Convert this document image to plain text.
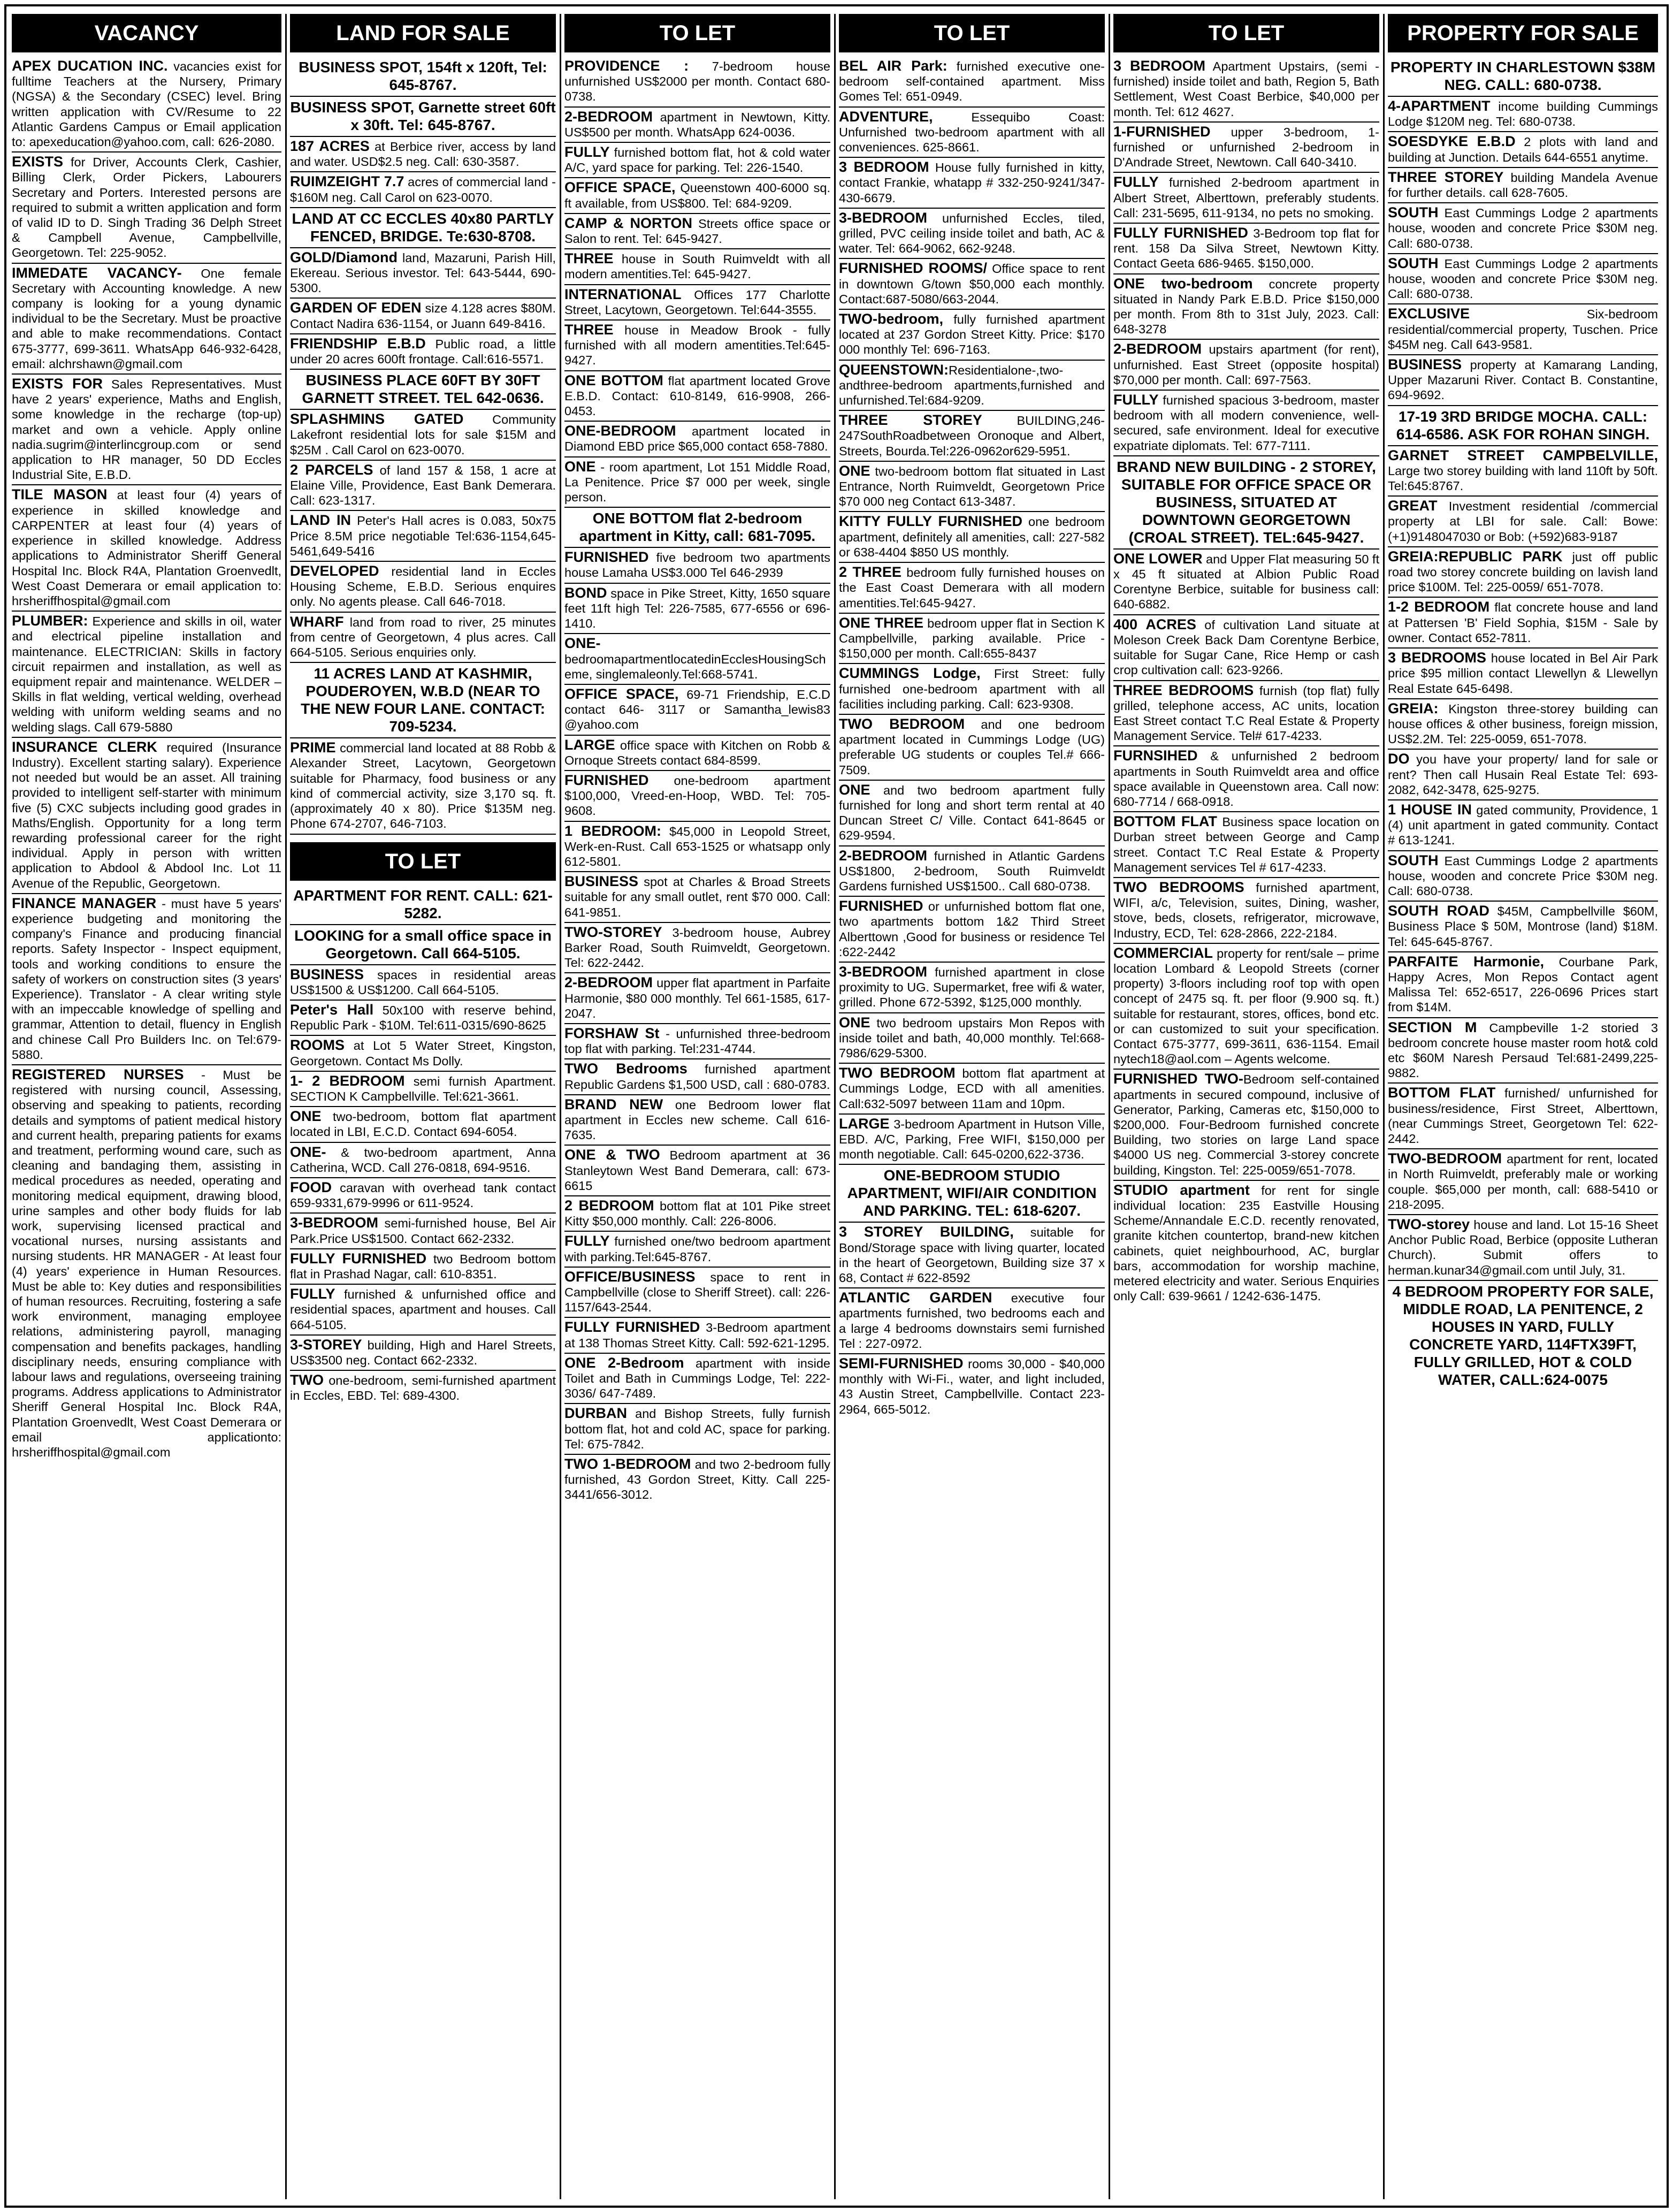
VACANCY
APEX DUCATION INC. vacancies exist for fulltime Teachers at the Nursery, Primary (NGSA) & the Secondary (CSEC) level. Bring written application with CV/Resume to 22 Atlantic Gardens Campus or Email application to: apexeducation@yahoo.com, call: 626-2080.
EXISTS for Driver, Accounts Clerk, Cashier, Billing Clerk, Order Pickers, Labourers Secretary and Porters. Interested persons are required to submit a written application and form of valid ID to D. Singh Trading 36 Delph Street & Campbell Avenue, Campbellville, Georgetown. Tel: 225-9052.
IMMEDATE VACANCY- One female Secretary with Accounting knowledge. A new company is looking for a young dynamic individual to be the Secretary. Must be proactive and able to make recommendations. Contact 675-3777, 699-3611. WhatsApp 646-932-6428, email: alchrshawn@gmail.com
EXISTS FOR Sales Representatives. Must have 2 years' experience, Maths and English, some knowledge in the recharge (top-up) market and own a vehicle. Apply online nadia.sugrim@interlincgroup.com or send application to HR manager, 50 DD Eccles Industrial Site, E.B.D.
TILE MASON at least four (4) years of experience in skilled knowledge and CARPENTER at least four (4) years of experience in skilled knowledge. Address applications to Administrator Sheriff General Hospital Inc. Block R4A, Plantation Groenvedlt, West Coast Demerara or email application to: hrsheriffhospital@gmail.com
PLUMBER: Experience and skills in oil, water and electrical pipeline installation and maintenance. ELECTRICIAN: Skills in factory circuit repairmen and installation, as well as equipment repair and maintenance. WELDER – Skills in flat welding, vertical welding, overhead welding with uniform welding seams and no welding slags. Call 679-5880
INSURANCE CLERK required (Insurance Industry). Excellent starting salary). Experience not needed but would be an asset. All training provided to intelligent self-starter with minimum five (5) CXC subjects including good grades in Maths/English. Opportunity for a long term rewarding professional career for the right individual. Apply in person with written application to Abdool & Abdool Inc. Lot 11 Avenue of the Republic, Georgetown.
FINANCE MANAGER - must have 5 years' experience budgeting and monitoring the company's Finance and producing financial reports. Safety Inspector - Inspect equipment, tools and working conditions to ensure the safety of workers on construction sites (3 years' Experience). Translator - A clear writing style with an impeccable knowledge of spelling and grammar, Attention to detail, fluency in English and chinese Call Pro Builders Inc. on Tel:679-5880.
REGISTERED NURSES - Must be registered with nursing council, Assessing, observing and speaking to patients, recording details and symptoms of patient medical history and current health, preparing patients for exams and treatment, performing wound care, such as cleaning and bandaging them, assisting in medical procedures as needed, operating and monitoring medical equipment, drawing blood, urine samples and other body fluids for lab work, supervising licensed practical and vocational nurses, nursing assistants and nursing students. HR MANAGER - At least four (4) years' experience in Human Resources. Must be able to: Key duties and responsibilities of human resources. Recruiting, fostering a safe work environment, managing employee relations, administering payroll, managing compensation and benefits packages, handling disciplinary needs, ensuring compliance with labour laws and regulations, overseeing training programs. Address applications to Administrator Sheriff General Hospital Inc. Block R4A, Plantation Groenvedlt, West Coast Demerara or email applicationto: hrsheriffhospital@gmail.com
LAND FOR SALE
BUSINESS SPOT, 154ft x 120ft, Tel: 645-8767.
BUSINESS SPOT, Garnette street 60ft x 30ft. Tel: 645-8767.
187 ACRES at Berbice river, access by land and water. USD$2.5 neg. Call: 630-3587.
RUIMZEIGHT 7.7 acres of commercial land - $160M neg. Call Carol on 623-0070.
LAND AT CC ECCLES 40x80 PARTLY FENCED, BRIDGE. Te:630-8708.
GOLD/Diamond land, Mazaruni, Parish Hill, Ekereau. Serious investor. Tel: 643-5444, 690-5300.
GARDEN OF EDEN size 4.128 acres $80M. Contact Nadira 636-1154, or Juann 649-8416.
FRIENDSHIP E.B.D Public road, a little under 20 acres 600ft frontage. Call:616-5571.
BUSINESS PLACE 60FT BY 30FT GARNETT STREET. TEL 642-0636.
SPLASHMINS GATED Community Lakefront residential lots for sale $15M and $25M . Call Carol on 623-0070.
2 PARCELS of land 157 & 158, 1 acre at Elaine Ville, Providence, East Bank Demerara. Call: 623-1317.
LAND IN Peter's Hall acres is 0.083, 50x75 Price 8.5M price negotiable Tel:636-1154,645-5461,649-5416
DEVELOPED residential land in Eccles Housing Scheme, E.B.D. Serious enquires only. No agents please. Call 646-7018.
WHARF land from road to river, 25 minutes from centre of Georgetown, 4 plus acres. Call 664-5105. Serious enquiries only.
11 ACRES LAND AT KASHMIR, POUDEROYEN, W.B.D (NEAR TO THE NEW FOUR LANE. CONTACT: 709-5234.
PRIME commercial land located at 88 Robb & Alexander Street, Lacytown, Georgetown suitable for Pharmacy, food business or any kind of commercial activity, size 3,170 sq. ft. (approximately 40 x 80). Price $135M neg. Phone 674-2707, 646-7103.
TO LET
APARTMENT FOR RENT. CALL: 621-5282.
LOOKING for a small office space in Georgetown. Call 664-5105.
BUSINESS spaces in residential areas US$1500 & US$1200. Call 664-5105.
Peter's Hall 50x100 with reserve behind, Republic Park - $10M. Tel:611-0315/690-8625
ROOMS at Lot 5 Water Street, Kingston, Georgetown. Contact Ms Dolly.
1- 2 BEDROOM semi furnish Apartment. SECTION K Campbellville. Tel:621-3661.
ONE two-bedroom, bottom flat apartment located in LBI, E.C.D. Contact 694-6054.
ONE- & two-bedroom apartment, Anna Catherina, WCD. Call 276-0818, 694-9516.
FOOD caravan with overhead tank contact 659-9331,679-9996 or 611-9524.
3-BEDROOM semi-furnished house, Bel Air Park.Price US$1500. Contact 662-2332.
FULLY FURNISHED two Bedroom bottom flat in Prashad Nagar, call: 610-8351.
FULLY furnished & unfurnished office and residential spaces, apartment and houses. Call 664-5105.
3-STOREY building, High and Harel Streets, US$3500 neg. Contact 662-2332.
TWO one-bedroom, semi-furnished apartment in Eccles, EBD. Tel: 689-4300.
TO LET
PROVIDENCE : 7-bedroom house unfurnished US$2000 per month. Contact 680-0738.
2-BEDROOM apartment in Newtown, Kitty. US$500 per month. WhatsApp 624-0036.
FULLY furnished bottom flat, hot & cold water A/C, yard space for parking. Tel: 226-1540.
OFFICE SPACE, Queenstown 400-6000 sq. ft available, from US$800. Tel: 684-9209.
CAMP & NORTON Streets office space or Salon to rent. Tel: 645-9427.
THREE house in South Ruimveldt with all modern amentities.Tel: 645-9427.
INTERNATIONAL Offices 177 Charlotte Street, Lacytown, Georgetown. Tel:644-3555.
THREE house in Meadow Brook - fully furnished with all modern amentities.Tel:645-9427.
ONE BOTTOM flat apartment located Grove E.B.D. Contact: 610-8149, 616-9908, 266-0453.
ONE-BEDROOM apartment located in Diamond EBD price $65,000 contact 658-7880.
ONE - room apartment, Lot 151 Middle Road, La Penitence. Price $7 000 per week, single person.
ONE BOTTOM flat 2-bedroom apartment in Kitty, call: 681-7095.
FURNISHED five bedroom two apartments house Lamaha US$3.000 Tel 646-2939
BOND space in Pike Street, Kitty, 1650 square feet 11ft high Tel: 226-7585, 677-6556 or 696-1410.
ONE-bedroomapartmentlocatedinEcclesHousingScheme, singlemaleonly.Tel:668-5741.
OFFICE SPACE, 69-71 Friendship, E.C.D contact 646- 3117 or Samantha_lewis83 @yahoo.com
LARGE office space with Kitchen on Robb & Ornoque Streets contact 684-8599.
FURNISHED one-bedroom apartment $100,000, Vreed-en-Hoop, WBD. Tel: 705-9608.
1 BEDROOM: $45,000 in Leopold Street, Werk-en-Rust. Call 653-1525 or whatsapp only 612-5801.
BUSINESS spot at Charles & Broad Streets suitable for any small outlet, rent $70 000. Call: 641-9851.
TWO-STOREY 3-bedroom house, Aubrey Barker Road, South Ruimveldt, Georgetown. Tel: 622-2442.
2-BEDROOM upper flat apartment in Parfaite Harmonie, $80 000 monthly. Tel 661-1585, 617-2047.
FORSHAW St - unfurnished three-bedroom top flat with parking. Tel:231-4744.
TWO Bedrooms furnished apartment Republic Gardens $1,500 USD, call : 680-0783.
BRAND NEW one Bedroom lower flat apartment in Eccles new scheme. Call 616-7635.
ONE & TWO Bedroom apartment at 36 Stanleytown West Band Demerara, call: 673-6615
2 BEDROOM bottom flat at 101 Pike street Kitty $50,000 monthly. Call: 226-8006.
FULLY furnished one/two bedroom apartment with parking.Tel:645-8767.
OFFICE/BUSINESS space to rent in Campbellville (close to Sheriff Street). call: 226-1157/643-2544.
FULLY FURNISHED 3-Bedroom apartment at 138 Thomas Street Kitty. Call: 592-621-1295.
ONE 2-Bedroom apartment with inside Toilet and Bath in Cummings Lodge, Tel: 222-3036/ 647-7489.
DURBAN and Bishop Streets, fully furnish bottom flat, hot and cold AC, space for parking. Tel: 675-7842.
TWO 1-BEDROOM and two 2-bedroom fully furnished, 43 Gordon Street, Kitty. Call 225- 3441/656-3012.
TO LET
BEL AIR Park: furnished executive one-bedroom self-contained apartment. Miss Gomes Tel: 651-0949.
ADVENTURE, Essequibo Coast: Unfurnished two-bedroom apartment with all conveniences. 625-8661.
3 BEDROOM House fully furnished in kitty, contact Frankie, whatapp # 332-250-9241/347-430-6679.
3-BEDROOM unfurnished Eccles, tiled, grilled, PVC ceiling inside toilet and bath, AC & water. Tel: 664-9062, 662-9248.
FURNISHED ROOMS/ Office space to rent in downtown G/town $50,000 each monthly. Contact:687-5080/663-2044.
TWO-bedroom, fully furnished apartment located at 237 Gordon Street Kitty. Price: $170 000 monthly Tel: 696-7163.
QUEENSTOWN:Residentialone-,two-andthree-bedroom apartments,furnished and unfurnished.Tel:684-9209.
THREE STOREY BUILDING,246-247SouthRoadbetween Oronoque and Albert, Streets, Bourda.Tel:226-0962or629-5951.
ONE two-bedroom bottom flat situated in Last Entrance, North Ruimveldt, Georgetown Price $70 000 neg Contact 613-3487.
KITTY FULLY FURNISHED one bedroom apartment, definitely all amenities, call: 227-582 or 638-4404 $850 US monthly.
2 THREE bedroom fully furnished houses on the East Coast Demerara with all modern amentities.Tel:645-9427.
ONE THREE bedroom upper flat in Section K Campbellville, parking available. Price - $150,000 per month. Call:655-8437
CUMMINGS Lodge, First Street: fully furnished one-bedroom apartment with all facilities including parking. Call: 623-9308.
TWO BEDROOM and one bedroom apartment located in Cummings Lodge (UG) preferable UG students or couples Tel.# 666-7509.
ONE and two bedroom apartment fully furnished for long and short term rental at 40 Duncan Street C/ Ville. Contact 641-8645 or 629-9594.
2-BEDROOM furnished in Atlantic Gardens US$1800, 2-bedroom, South Ruimveldt Gardens furnished US$1500.. Call 680-0738.
FURNISHED or unfurnished bottom flat one, two apartments bottom 1&2 Third Street Alberttown ,Good for business or residence Tel :622-2442
3-BEDROOM furnished apartment in close proximity to UG. Supermarket, free wifi & water, grilled. Phone 672-5392, $125,000 monthly.
ONE two bedroom upstairs Mon Repos with inside toilet and bath, 40,000 monthly. Tel:668-7986/629-5300.
TWO BEDROOM bottom flat apartment at Cummings Lodge, ECD with all amenities. Call:632-5097 between 11am and 10pm.
LARGE 3-bedroom Apartment in Hutson Ville, EBD. A/C, Parking, Free WIFI, $150,000 per month negotiable. Call: 645-0200,622-3736.
ONE-BEDROOM STUDIO APARTMENT, WIFI/AIR CONDITION AND PARKING. TEL: 618-6207.
3 STOREY BUILDING, suitable for Bond/Storage space with living quarter, located in the heart of Georgetown, Building size 37 x 68, Contact # 622-8592
ATLANTIC GARDEN executive four apartments furnished, two bedrooms each and a large 4 bedrooms downstairs semi furnished Tel : 227-0972.
SEMI-FURNISHED rooms 30,000 - $40,000 monthly with Wi-Fi., water, and light included, 43 Austin Street, Campbellville. Contact 223-2964, 665-5012.
TO LET
3 BEDROOM Apartment Upstairs, (semi - furnished) inside toilet and bath, Region 5, Bath Settlement, West Coast Berbice, $40,000 per month. Tel: 612 4627.
1-FURNISHED upper 3-bedroom, 1-furnished or unfurnished 2-bedroom in D'Andrade Street, Newtown. Call 640-3410.
FULLY furnished 2-bedroom apartment in Albert Street, Alberttown, preferably students. Call: 231-5695, 611-9134, no pets no smoking.
FULLY FURNISHED 3-Bedroom top flat for rent. 158 Da Silva Street, Newtown Kitty. Contact Geeta 686-9465. $150,000.
ONE two-bedroom concrete property situated in Nandy Park E.B.D. Price $150,000 per month. From 8th to 31st July, 2023. Call: 648-3278
2-BEDROOM upstairs apartment (for rent), unfurnished. East Street (opposite hospital) $70,000 per month. Call: 697-7563.
FULLY furnished spacious 3-bedroom, master bedroom with all modern convenience, well-secured, safe environment. Ideal for executive expatriate diplomats. Tel: 677-7111.
BRAND NEW BUILDING - 2 STOREY, SUITABLE FOR OFFICE SPACE OR BUSINESS, SITUATED AT DOWNTOWN GEORGETOWN (CROAL STREET). TEL:645-9427.
ONE LOWER and Upper Flat measuring 50 ft x 45 ft situated at Albion Public Road Corentyne Berbice, suitable for business call: 640-6882.
400 ACRES of cultivation Land situate at Moleson Creek Back Dam Corentyne Berbice, suitable for Sugar Cane, Rice Hemp or cash crop cultivation call: 623-9266.
THREE BEDROOMS furnish (top flat) fully grilled, telephone access, AC units, location East Street contact T.C Real Estate & Property Management Service. Tel# 617-4233.
FURNSIHED & unfurnished 2 bedroom apartments in South Ruimveldt area and office space available in Queenstown area. Call now: 680-7714 / 668-0918.
BOTTOM FLAT Business space location on Durban street between George and Camp street. Contact T.C Real Estate & Property Management services Tel # 617-4233.
TWO BEDROOMS furnished apartment, WIFI, a/c, Television, suites, Dining, washer, stove, beds, closets, refrigerator, microwave, Industry, ECD, Tel: 628-2866, 222-2184.
COMMERCIAL property for rent/sale – prime location Lombard & Leopold Streets (corner property) 3-floors including roof top with open concept of 2475 sq. ft. per floor (9.900 sq. ft.) suitable for restaurant, stores, offices, bond etc. or can customized to suit your specification. Contact 675-3777, 699-3611, 636-1154. Email nytech18@aol.com – Agents welcome.
FURNISHED TWO-Bedroom self-contained apartments in secured compound, inclusive of Generator, Parking, Cameras etc, $150,000 to $200,000. Four-Bedroom furnished concrete Building, two stories on large Land space $4000 US neg. Commercial 3-storey concrete building, Kingston. Tel: 225-0059/651-7078.
STUDIO apartment for rent for single individual location: 235 Eastville Housing Scheme/Annandale E.C.D. recently renovated, granite kitchen countertop, brand-new kitchen cabinets, quiet neighbourhood, AC, burglar bars, accommodation for worship machine, metered electricity and water. Serious Enquiries only Call: 639-9661 / 1242-636-1475.
PROPERTY FOR SALE
PROPERTY IN CHARLESTOWN $38M NEG. CALL: 680-0738.
4-APARTMENT income building Cummings Lodge $120M neg. Tel: 680-0738.
SOESDYKE E.B.D 2 plots with land and building at Junction. Details 644-6551 anytime.
THREE STOREY building Mandela Avenue for further details. call 628-7605.
SOUTH East Cummings Lodge 2 apartments house, wooden and concrete Price $30M neg. Call: 680-0738.
SOUTH East Cummings Lodge 2 apartments house, wooden and concrete Price $30M neg. Call: 680-0738.
EXCLUSIVE Six-bedroom residential/commercial property, Tuschen. Price $45M neg. Call 643-9581.
BUSINESS property at Kamarang Landing, Upper Mazaruni River. Contact B. Constantine, 694-9692.
17-19 3RD BRIDGE MOCHA. CALL: 614-6586. ASK FOR ROHAN SINGH.
GARNET STREET CAMPBELVILLE, Large two storey building with land 110ft by 50ft. Tel:645:8767.
GREAT Investment residential /commercial property at LBI for sale. Call: Bowe: (+1)9148047030 or Bob: (+592)683-9187
GREIA:REPUBLIC PARK just off public road two storey concrete building on lavish land price $100M. Tel: 225-0059/ 651-7078.
1-2 BEDROOM flat concrete house and land at Pattersen 'B' Field Sophia, $15M - Sale by owner. Contact 652-7811.
3 BEDROOMS house located in Bel Air Park price $95 million contact Llewellyn & Llewellyn Real Estate 645-6498.
GREIA: Kingston three-storey building can house offices & other business, foreign mission, US$2.2M. Tel: 225-0059, 651-7078.
DO you have your property/ land for sale or rent? Then call Husain Real Estate Tel: 693-2082, 642-3478, 625-9275.
1 HOUSE IN gated community, Providence, 1 (4) unit apartment in gated community. Contact # 613-1241.
SOUTH East Cummings Lodge 2 apartments house, wooden and concrete Price $30M neg. Call: 680-0738.
SOUTH ROAD $45M, Campbellville $60M, Business Place $ 50M, Montrose (land) $18M. Tel: 645-645-8767.
PARFAITE Harmonie, Courbane Park, Happy Acres, Mon Repos Contact agent Malissa Tel: 652-6517, 226-0696 Prices start from $14M.
SECTION M Campbeville 1-2 storied 3 bedroom concrete house master room hot& cold etc $60M Naresh Persaud Tel:681-2499,225-9882.
BOTTOM FLAT furnished/ unfurnished for business/residence, First Street, Alberttown, (near Cummings Street, Georgetown Tel: 622-2442.
TWO-BEDROOM apartment for rent, located in North Ruimveldt, preferably male or working couple. $65,000 per month, call: 688-5410 or 218-2095.
TWO-storey house and land. Lot 15-16 Sheet Anchor Public Road, Berbice (opposite Lutheran Church). Submit offers to herman.kunar34@gmail.com until July, 31.
4 BEDROOM PROPERTY FOR SALE, MIDDLE ROAD, LA PENITENCE, 2 HOUSES IN YARD, FULLY CONCRETE YARD, 114FTX39FT, FULLY GRILLED, HOT & COLD WATER, CALL:624-0075
